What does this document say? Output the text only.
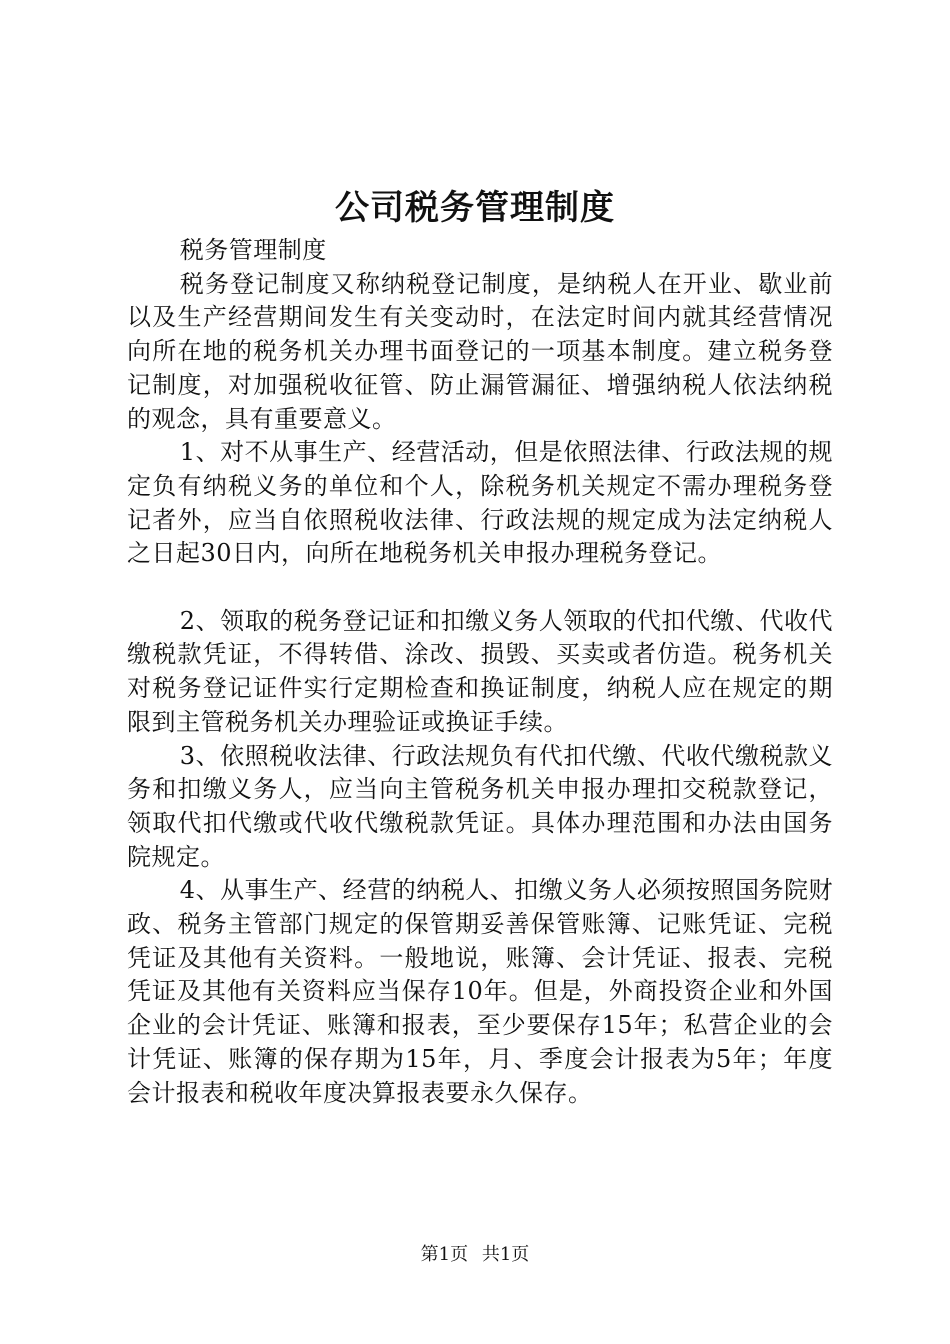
公司税务管理制度

税务管理制度

税务登记制度又称纳税登记制度，是纳税人在开业、歇业前以及生产经营期间发生有关变动时，在法定时间内就其经营情况向所在地的税务机关办理书面登记的一项基本制度。建立税务登记制度，对加强税收征管、防止漏管漏征、增强纳税人依法纳税的观念，具有重要意义。

1、对不从事生产、经营活动，但是依照法律、行政法规的规定负有纳税义务的单位和个人，除税务机关规定不需办理税务登记者外，应当自依照税收法律、行政法规的规定成为法定纳税人之日起30日内，向所在地税务机关申报办理税务登记。

2、领取的税务登记证和扣缴义务人领取的代扣代缴、代收代缴税款凭证，不得转借、涂改、损毁、买卖或者仿造。税务机关对税务登记证件实行定期检查和换证制度，纳税人应在规定的期限到主管税务机关办理验证或换证手续。

3、依照税收法律、行政法规负有代扣代缴、代收代缴税款义务和扣缴义务人，应当向主管税务机关申报办理扣交税款登记，领取代扣代缴或代收代缴税款凭证。具体办理范围和办法由国务院规定。

4、从事生产、经营的纳税人、扣缴义务人必须按照国务院财政、税务主管部门规定的保管期妥善保管账簿、记账凭证、完税凭证及其他有关资料。一般地说，账簿、会计凭证、报表、完税凭证及其他有关资料应当保存10年。但是，外商投资企业和外国企业的会计凭证、账簿和报表，至少要保存15年；私营企业的会计凭证、账簿的保存期为15年，月、季度会计报表为5年；年度会计报表和税收年度决算报表要永久保存。

第1页 共1页
